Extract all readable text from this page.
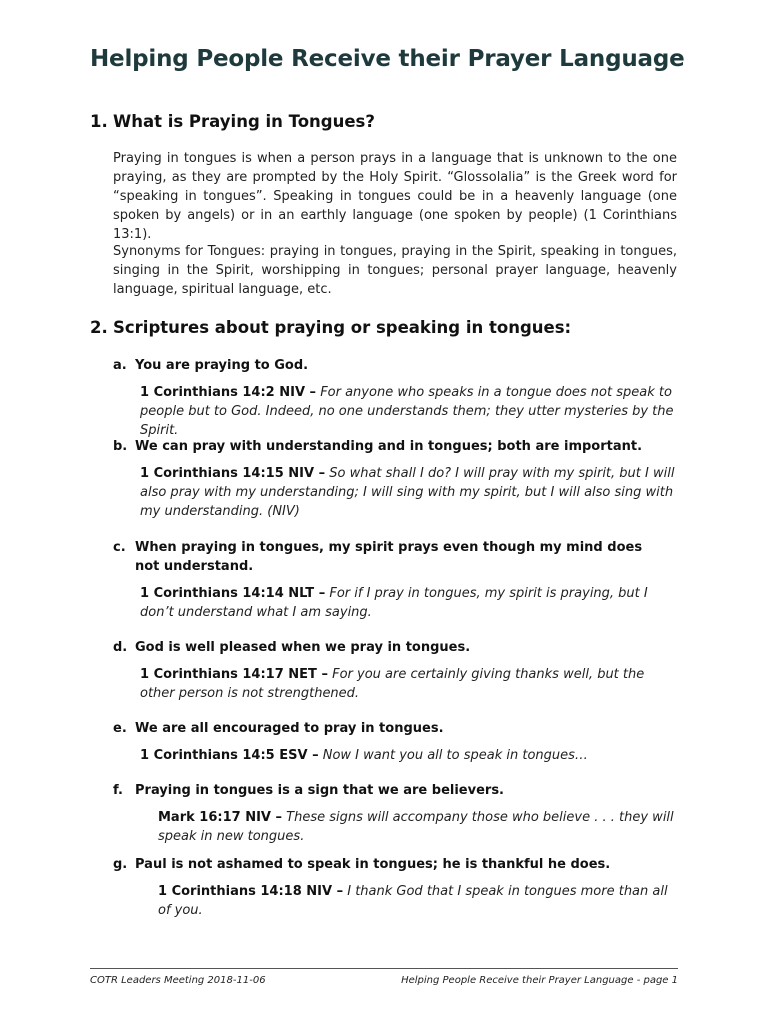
Helping People Receive their Prayer Language
1. What is Praying in Tongues?

Praying in tongues is when a person prays in a language that is unknown to the one praying, as they are prompted by the Holy Spirit. “Glossolalia” is the Greek word for “speaking in tongues”. Speaking in tongues could be in a heavenly language (one spoken by angels) or in an earthly language (one spoken by people) (1 Corinthians 13:1).

Synonyms for Tongues: praying in tongues, praying in the Spirit, speaking in tongues, singing in the Spirit, worshipping in tongues; personal prayer language, heavenly language, spiritual language, etc.

2. Scriptures about praying or speaking in tongues:
a. You are praying to God.

1 Corinthians 14:2 NIV – For anyone who speaks in a tongue does not speak to people but to God. Indeed, no one understands them; they utter mysteries by the Spirit.

b. We can pray with understanding and in tongues; both are important.

1 Corinthians 14:15 NIV – So what shall I do? I will pray with my spirit, but I will also pray with my understanding; I will sing with my spirit, but I will also sing with my understanding. (NIV)

c. When praying in tongues, my spirit prays even though my mind does not understand.

1 Corinthians 14:14 NLT – For if I pray in tongues, my spirit is praying, but I don’t understand what I am saying.

d. God is well pleased when we pray in tongues.

1 Corinthians 14:17 NET – For you are certainly giving thanks well, but the other person is not strengthened.

e. We are all encouraged to pray in tongues.

1 Corinthians 14:5 ESV – Now I want you all to speak in tongues…

f. Praying in tongues is a sign that we are believers.

Mark 16:17 NIV – These signs will accompany those who believe . . . they will speak in new tongues.

g. Paul is not ashamed to speak in tongues; he is thankful he does.

1 Corinthians 14:18 NIV – I thank God that I speak in tongues more than all of you.

COTR Leaders Meeting 2018-11-06	Helping People Receive their Prayer Language - page 1
